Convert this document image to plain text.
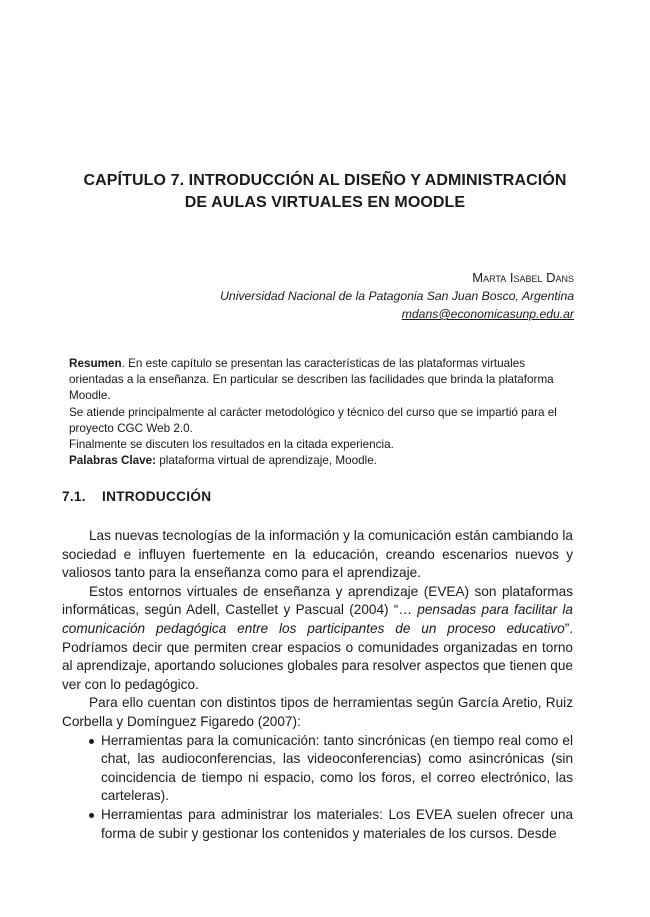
CAPÍTULO 7. INTRODUCCIÓN AL DISEÑO Y ADMINISTRACIÓN
DE AULAS VIRTUALES EN MOODLE
Marta Isabel Dans
Universidad Nacional de la Patagonia San Juan Bosco, Argentina
mdans@economicasunp.edu.ar

Resumen. En este capítulo se presentan las características de las plataformas virtuales orientadas a la enseñanza. En particular se describen las facilidades que brinda la plataforma Moodle.

Se atiende principalmente al carácter metodológico y técnico del curso que se impartió para el proyecto CGC Web 2.0.

Finalmente se discuten los resultados en la citada experiencia.

Palabras Clave: plataforma virtual de aprendizaje, Moodle.

7.1. INTRODUCCIÓN

Las nuevas tecnologías de la información y la comunicación están cambiando la sociedad e influyen fuertemente en la educación, creando escenarios nuevos y valiosos tanto para la enseñanza como para el aprendizaje.

Estos entornos virtuales de enseñanza y aprendizaje (EVEA) son plataformas informáticas, según Adell, Castellet y Pascual (2004) “… pensadas para facilitar la comunicación pedagógica entre los participantes de un proceso educativo”. Podríamos decir que permiten crear espacios o comunidades organizadas en torno al aprendizaje, aportando soluciones globales para resolver aspectos que tienen que ver con lo pedagógico.

Para ello cuentan con distintos tipos de herramientas según García Aretio, Ruiz Corbella y Domínguez Figaredo (2007):

Herramientas para la comunicación: tanto sincrónicas (en tiempo real como el chat, las audioconferencias, las videoconferencias) como asincrónicas (sin coincidencia de tiempo ni espacio, como los foros, el correo electrónico, las carteleras).
Herramientas para administrar los materiales: Los EVEA suelen ofrecer una forma de subir y gestionar los contenidos y materiales de los cursos. Desde
